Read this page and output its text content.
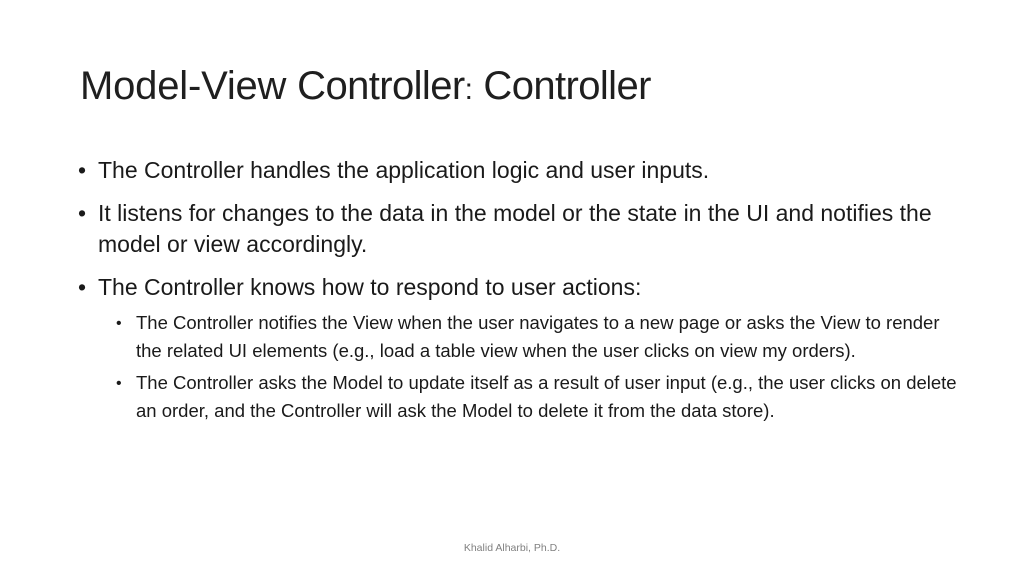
Model-View Controller: Controller
• The Controller handles the application logic and user inputs.
• It listens for changes to the data in the model or the state in the UI and notifies the model or view accordingly.
• The Controller knows how to respond to user actions:
• The Controller notifies the View when the user navigates to a new page or asks the View to render the related UI elements (e.g., load a table view when the user clicks on view my orders).
• The Controller asks the Model to update itself as a result of user input (e.g., the user clicks on delete an order, and the Controller will ask the Model to delete it from the data store).
Khalid Alharbi, Ph.D.
